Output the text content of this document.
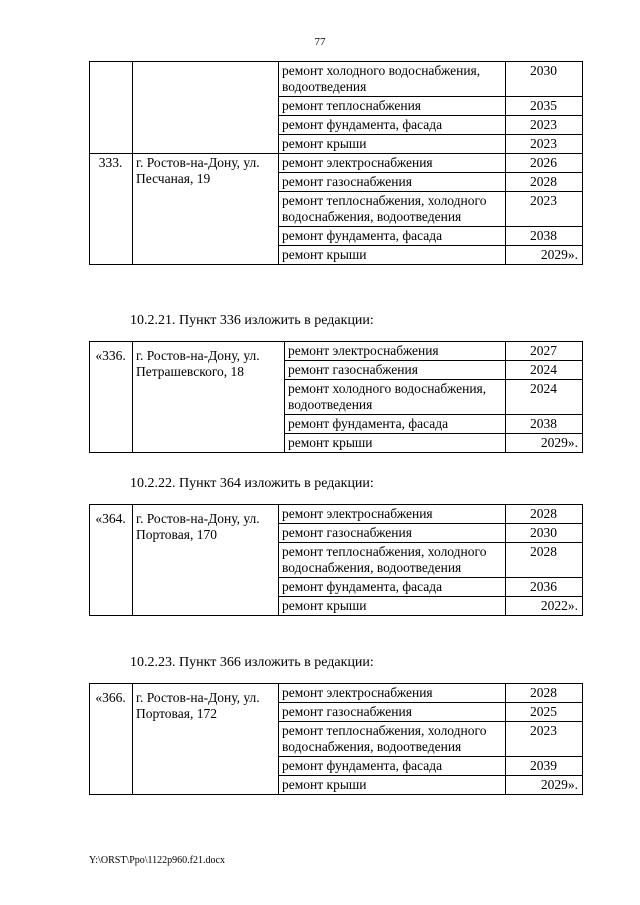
77
		ремонт холодного водоснабжения, водоотведения	2030
		ремонт теплоснабжения	2035
		ремонт фундамента, фасада	2023
		ремонт крыши	2023
333.	г. Ростов-на-Дону, ул. Песчаная, 19	ремонт электроснабжения	2026
		ремонт газоснабжения	2028
		ремонт теплоснабжения, холодного водоснабжения, водоотведения	2023
		ремонт фундамента, фасада	2038
		ремонт крыши	2029».
10.2.21. Пункт 336 изложить в редакции:
«336.	г. Ростов-на-Дону, ул. Петрашевского, 18	ремонт электроснабжения	2027
		ремонт газоснабжения	2024
		ремонт холодного водоснабжения, водоотведения	2024
		ремонт фундамента, фасада	2038
		ремонт крыши	2029».
10.2.22. Пункт 364 изложить в редакции:
«364.	г. Ростов-на-Дону, ул. Портовая, 170	ремонт электроснабжения	2028
		ремонт газоснабжения	2030
		ремонт теплоснабжения, холодного водоснабжения, водоотведения	2028
		ремонт фундамента, фасада	2036
		ремонт крыши	2022».
10.2.23. Пункт 366 изложить в редакции:
«366.	г. Ростов-на-Дону, ул. Портовая, 172	ремонт электроснабжения	2028
		ремонт газоснабжения	2025
		ремонт теплоснабжения, холодного водоснабжения, водоотведения	2023
		ремонт фундамента, фасада	2039
		ремонт крыши	2029».
Y:\ORST\Ppo\1122p960.f21.docx
